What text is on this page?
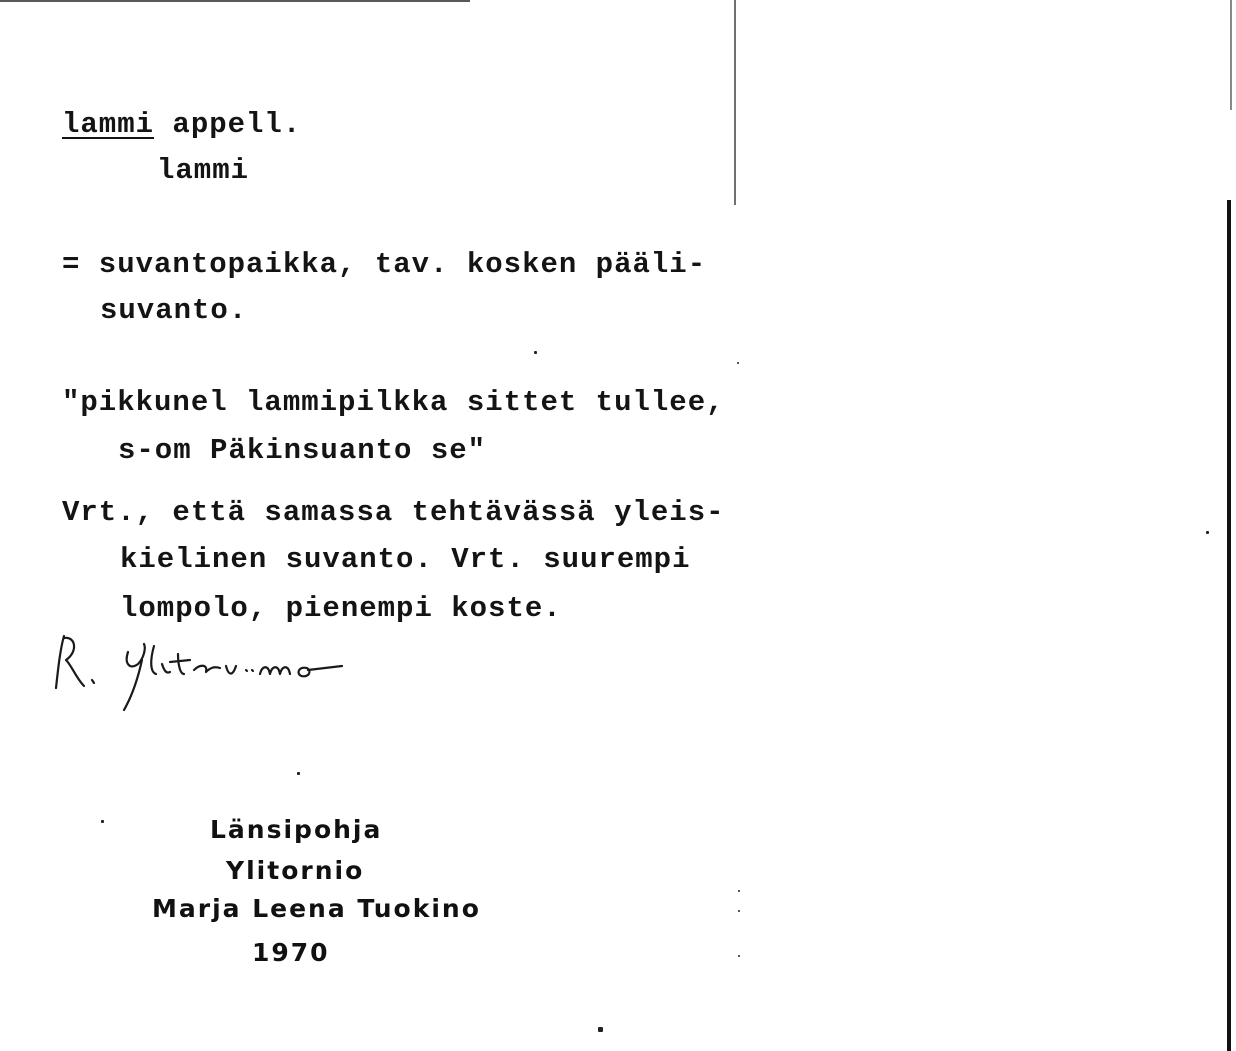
lammi appell.
lammi
= suvantopaikka, tav. kosken pääli-
suvanto.
"pikkunel lammipilkka sittet tullee,
s-om Päkinsuanto se"
Vrt., että samassa tehtävässä yleis-
kielinen suvanto. Vrt. suurempi
lompolo, pienempi koste.
Länsipohja
Ylitornio
Marja Leena Tuokino
1970
